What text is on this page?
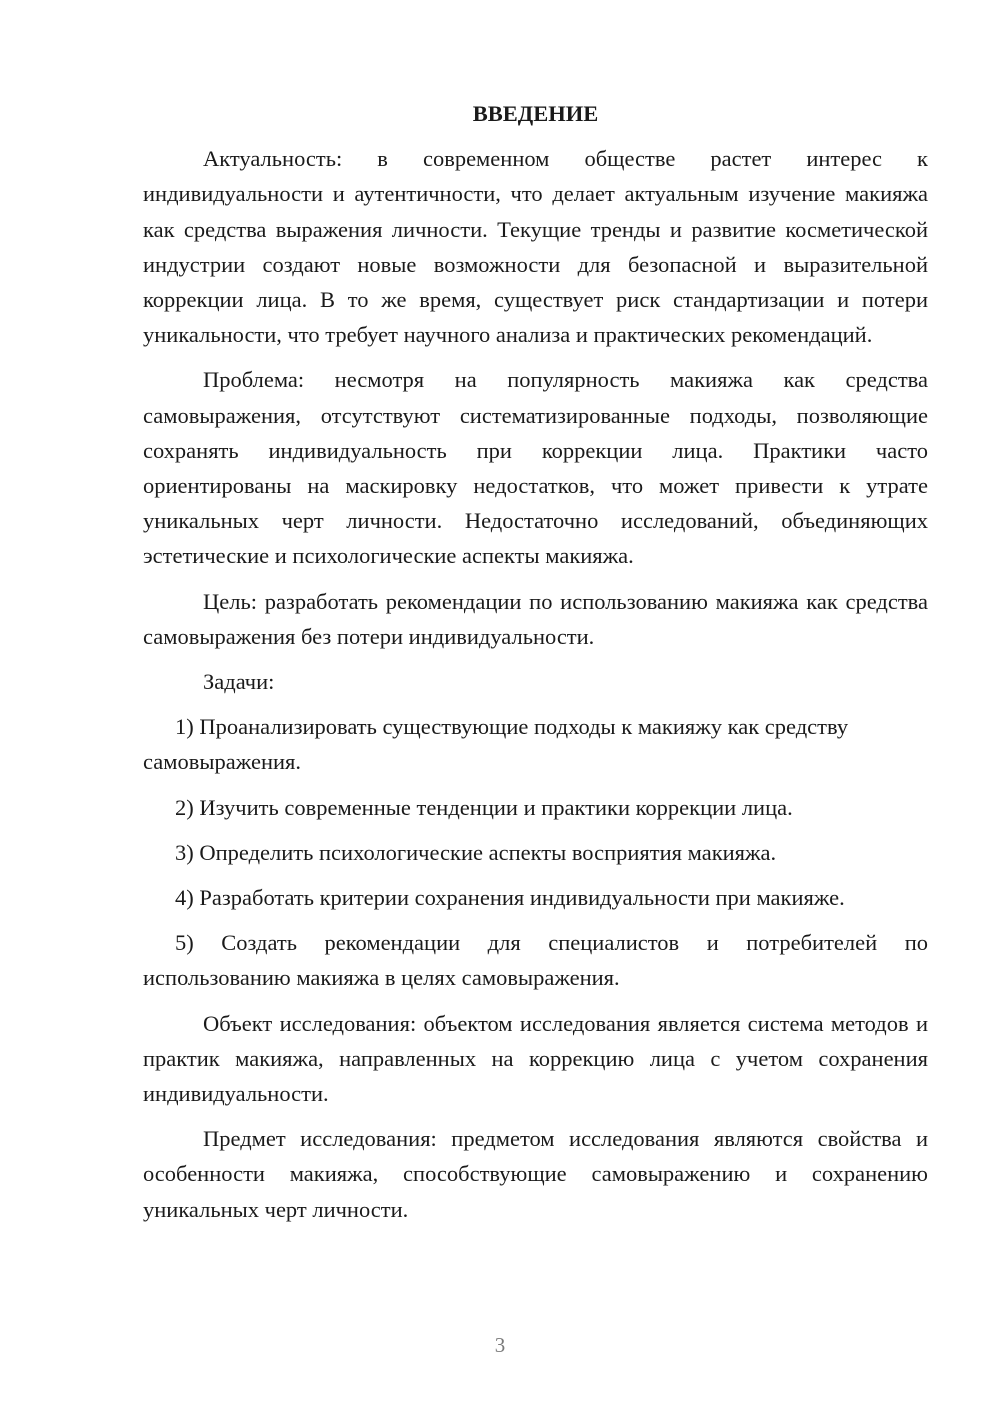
ВВЕДЕНИЕ

Актуальность: в современном обществе растет интерес к индивидуальности и аутентичности, что делает актуальным изучение макияжа как средства выражения личности. Текущие тренды и развитие косметической индустрии создают новые возможности для безопасной и выразительной коррекции лица. В то же время, существует риск стандартизации и потери уникальности, что требует научного анализа и практических рекомендаций.

Проблема: несмотря на популярность макияжа как средства самовыражения, отсутствуют систематизированные подходы, позволяющие сохранять индивидуальность при коррекции лица. Практики часто ориентированы на маскировку недостатков, что может привести к утрате уникальных черт личности. Недостаточно исследований, объединяющих эстетические и психологические аспекты макияжа.

Цель: разработать рекомендации по использованию макияжа как средства самовыражения без потери индивидуальности.

Задачи:

1) Проанализировать существующие подходы к макияжу как средству самовыражения.

2) Изучить современные тенденции и практики коррекции лица.

3) Определить психологические аспекты восприятия макияжа.

4) Разработать критерии сохранения индивидуальности при макияже.

5) Создать рекомендации для специалистов и потребителей по использованию макияжа в целях самовыражения.

Объект исследования: объектом исследования является система методов и практик макияжа, направленных на коррекцию лица с учетом сохранения индивидуальности.

Предмет исследования: предметом исследования являются свойства и особенности макияжа, способствующие самовыражению и сохранению уникальных черт личности.

3
